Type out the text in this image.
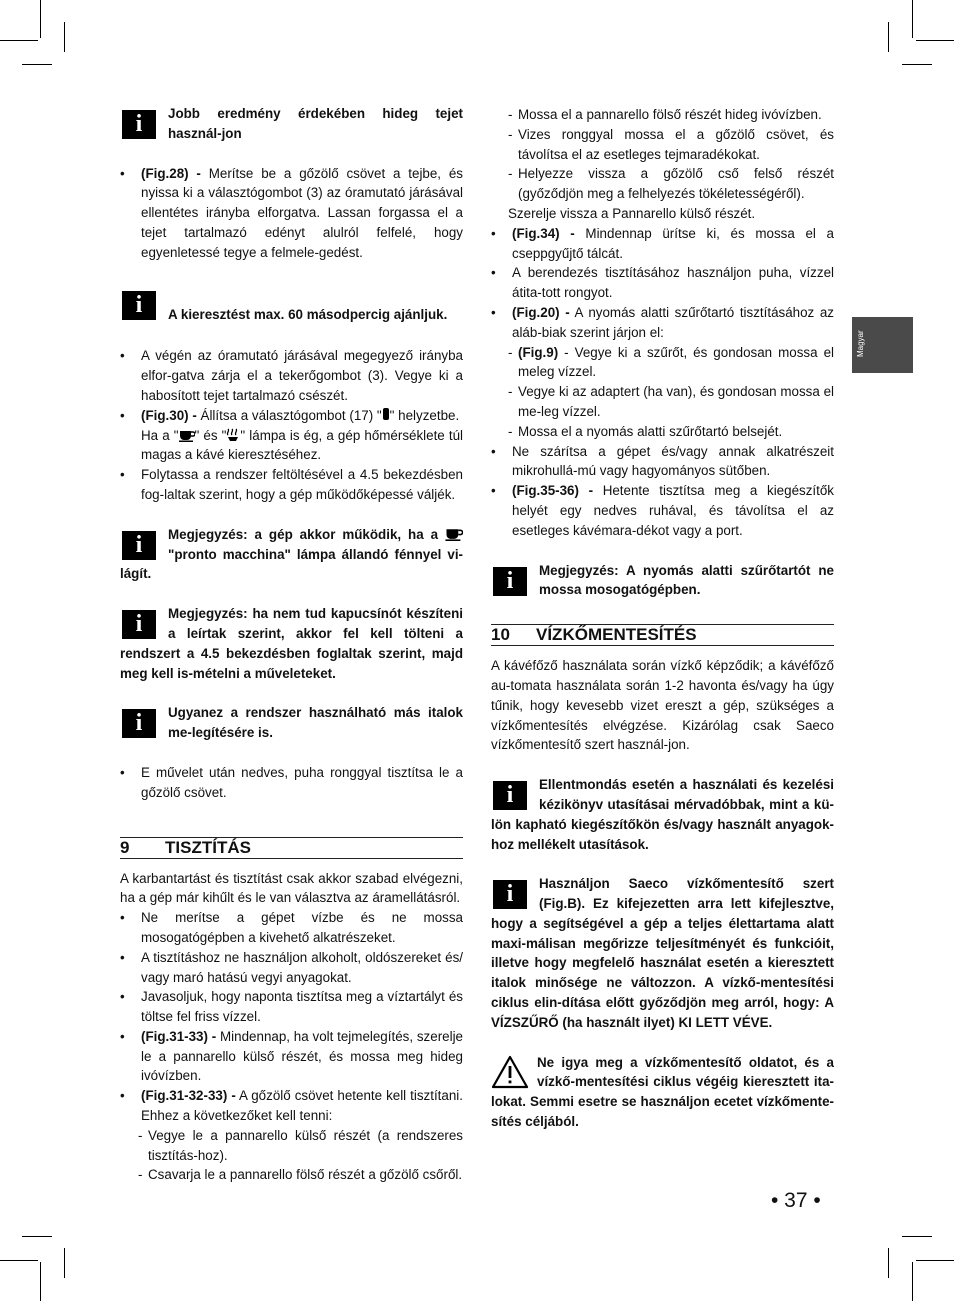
Magyar
i	Jobb eredmény érdekében hideg tejet használ-jon

• (Fig.28) - Merítse be a gőzölő csövet a tejbe, és nyissa ki a választógombot (3) az óramutató járásával ellentétes irányba elforgatva. Lassan forgassa el a tejet tartalmazó edényt alulról felfelé, hogy egyenletessé tegye a felmele-gedést.
i	A kieresztést max. 60 másodpercig ajánljuk.

• A végén az óramutató járásával megegyező irányba elfor-gatva zárja el a tekerőgombot (3). Vegye ki a habosított tejet tartalmazó csészét.
• (Fig.30) - Állítsa a választógombot (17) " " helyzetbe.
Ha a " " és " " lámpa is ég, a gép hőmérséklete túl magas a kávé kieresztéséhez.
• Folytassa a rendszer feltöltésével a 4.5 bekezdésben fog-laltak szerint, hogy a gép működőképessé váljék.
i	Megjegyzés: a gép akkor működik, ha a  "pronto macchina" lámpa állandó fénnyel vi-lágít.

i	Megjegyzés: ha nem tud kapucsínót készíteni a leírtak szerint, akkor fel kell tölteni a rendszert a 4.5 bekezdésben foglaltak szerint, majd meg kell is-mételni a műveleteket.

i	Ugyanez a rendszer használható más italok me-legítésére is.

• E művelet után nedves, puha ronggyal tisztítsa le a gőzölő csövet.
9	TISZTÍTÁS

A karbantartást és tisztítást csak akkor szabad elvégezni, ha a gép már kihűlt és le van választva az áramellátásról.

• Ne merítse a gépet vízbe és ne mossa mosogatógépben a kivehető alkatrészeket.
• A tisztításhoz ne használjon alkoholt, oldószereket és/ vagy maró hatású vegyi anyagokat.
• Javasoljuk, hogy naponta tisztítsa meg a víztartályt és töltse fel friss vízzel.
• (Fig.31-33) - Mindennap, ha volt tejmelegítés, szerelje le a pannarello külső részét, és mossa meg hideg ivóvízben.
• (Fig.31-32-33) - A gőzölő csövet hetente kell tisztítani. Ehhez a következőket kell tenni:
- Vegye le a pannarello külső részét (a rendszeres tisztítás-hoz).
- Csavarja le a pannarello fölső részét a gőzölő csőről.
- Mossa el a pannarello fölső részét hideg ivóvízben.
- Vizes ronggyal mossa el a gőzölő csövet, és távolítsa el az esetleges tejmaradékokat.
- Helyezze vissza a gőzölő cső felső részét (győződjön meg a felhelyezés tökéletességéről).

Szerelje vissza a Pannarello külső részét.

• (Fig.34) - Mindennap ürítse ki, és mossa el a cseppgyűjtő tálcát.
• A berendezés tisztításához használjon puha, vízzel átita-tott rongyot.
• (Fig.20) - A nyomás alatti szűrőtartó tisztításához az aláb-biak szerint járjon el:
- (Fig.9) - Vegye ki a szűrőt, és gondosan mossa el meleg vízzel.
- Vegye ki az adaptert (ha van), és gondosan mossa el me-leg vízzel.
- Mossa el a nyomás alatti szűrőtartó belsejét.
• Ne szárítsa a gépet és/vagy annak alkatrészeit mikrohullá-mú vagy hagyományos sütőben.
• (Fig.35-36) - Hetente tisztítsa meg a kiegészítők helyét egy nedves ruhával, és távolítsa el az esetleges kávémara-dékot vagy a port.
i	Megjegyzés: A nyomás alatti szűrőtartót ne mossa mosogatógépben.

10	VÍZKŐMENTESÍTÉS

A kávéfőző használata során vízkő képződik; a kávéfőző au-tomata használata során 1-2 havonta és/vagy ha úgy tűnik, hogy kevesebb vizet ereszt a gép, szükséges a vízkőmentesítés elvégzése. Kizárólag csak Saeco vízkőmentesítő szert használ-jon.

i	Ellentmondás esetén a használati és kezelési kézikönyv utasításai mérvadóbbak, mint a kü-lön kapható kiegészítőkön és/vagy használt anyagok-hoz mellékelt utasítások.

i	Használjon Saeco vízkőmentesítő szert (Fig.B). Ez kifejezetten arra lett kifejlesztve, hogy a segítségével a gép a teljes élettartama alatt maxi-málisan megőrizze teljesítményét és funkcióit, illetve hogy megfelelő használat esetén a kieresztett italok minősége ne változzon. A vízkő-mentesítési ciklus elin-dítása előtt győződjön meg arról, hogy: A VÍZSZŰRŐ (ha használt ilyet) KI LETT VÉVE.

Ne igya meg a vízkőmentesítő oldatot, és a vízkő-mentesítési ciklus végéig kieresztett ita-lokat. Semmi esetre se használjon ecetet vízkőmente-sítés céljából.

• 37 •
